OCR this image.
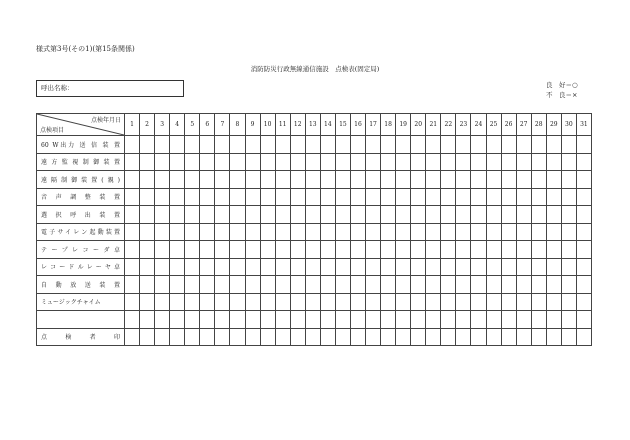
様式第3号(その1)(第15条関係)
消防防災行政無線通信施設　点検表(固定局)
呼出名称：	良　好＝○
不　良＝×
点検年月日
点検項目	1	2	3	4	5	6	7	8	9	10	11	12	13	14	15	16	17	18	19	20	21	22	23	24	25	26	27	28	29	30	31
60 W出力 送 信 装 置																															
遠方監視制御装置																															
遠隔制御装置(親)																															
音声調整装置																															
選択呼出装置																															
電子サイレン起動装置																															
テープレコーダ卓																															
レコードルレーヤ卓																															
自動放送装置																															
ミュージックチャイム																															

点　検　者　印																															
